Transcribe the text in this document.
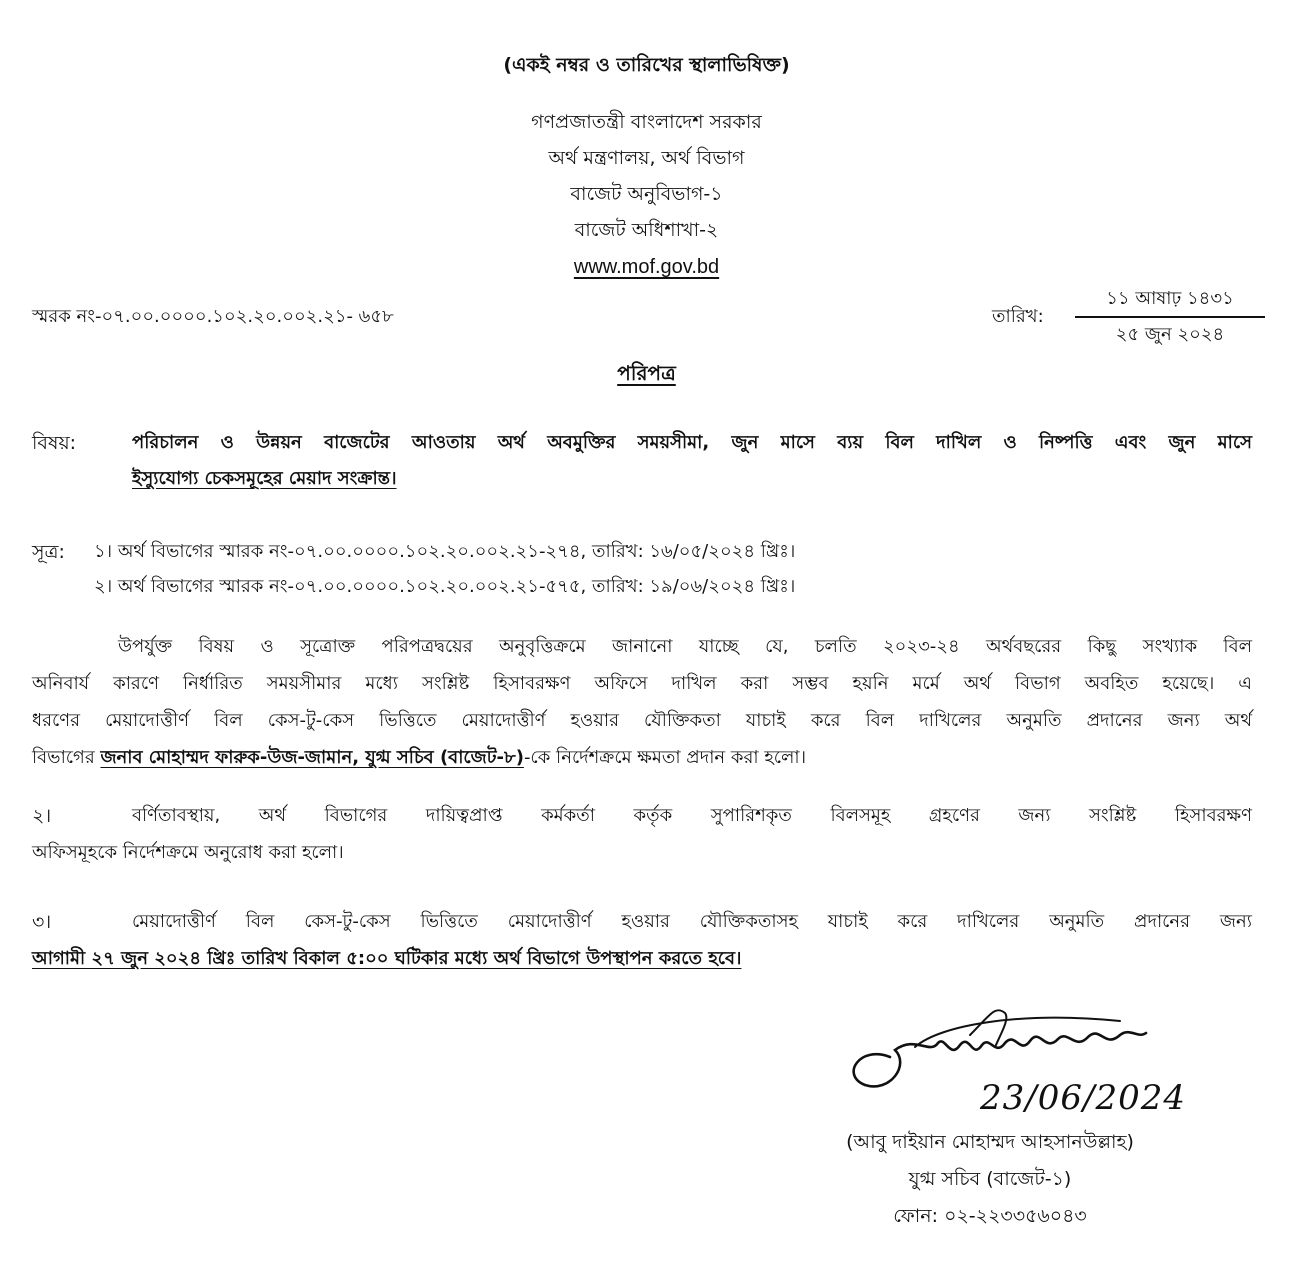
(একই নম্বর ও তারিখের স্থালাভিষিক্ত)
গণপ্রজাতন্ত্রী বাংলাদেশ সরকার
অর্থ মন্ত্রণালয়, অর্থ বিভাগ
বাজেট অনুবিভাগ-১
বাজেট অধিশাখা-২
www.mof.gov.bd
স্মরক নং-০৭.০০.০০০০.১০২.২০.০০২.২১- ৬৫৮	তারিখ:
১১ আষাঢ় ১৪৩১
২৫ জুন ২০২৪
পরিপত্র
বিষয়:	পরিচালন ও উন্নয়ন বাজেটের আওতায় অর্থ অবমুক্তির সময়সীমা, জুন মাসে ব্যয় বিল দাখিল ও নিষ্পত্তি এবং জুন মাসে
ইস্যুযোগ্য চেকসমূহের মেয়াদ সংক্রান্ত।
সূত্র: ১। অর্থ বিভাগের স্মারক নং-০৭.০০.০০০০.১০২.২০.০০২.২১-২৭৪, তারিখ: ১৬/০৫/২০২৪ খ্রিঃ।
২। অর্থ বিভাগের স্মারক নং-০৭.০০.০০০০.১০২.২০.০০২.২১-৫৭৫, তারিখ: ১৯/০৬/২০২৪ খ্রিঃ।
উপর্যুক্ত বিষয় ও সূত্রোক্ত পরিপত্রদ্বয়ের অনুবৃত্তিক্রমে জানানো যাচ্ছে যে, চলতি ২০২৩-২৪ অর্থবছরের কিছু সংখ্যাক বিল
অনিবার্য কারণে নির্ধারিত সময়সীমার মধ্যে সংশ্লিষ্ট হিসাবরক্ষণ অফিসে দাখিল করা সম্ভব হয়নি মর্মে অর্থ বিভাগ অবহিত হয়েছে। এ
ধরণের মেয়াদোত্তীর্ণ বিল কেস-টু-কেস ভিত্তিতে মেয়াদোত্তীর্ণ হওয়ার যৌক্তিকতা যাচাই করে বিল দাখিলের অনুমতি প্রদানের জন্য অর্থ
বিভাগের জনাব মোহাম্মদ ফারুক-উজ-জামান, যুগ্ম সচিব (বাজেট-৮)-কে নির্দেশক্রমে ক্ষমতা প্রদান করা হলো।
২।	বর্ণিতাবস্থায়, অর্থ বিভাগের দায়িত্বপ্রাপ্ত কর্মকর্তা কর্তৃক সুপারিশকৃত বিলসমূহ গ্রহণের জন্য সংশ্লিষ্ট হিসাবরক্ষণ
অফিসমূহকে নির্দেশক্রমে অনুরোধ করা হলো।
৩।	মেয়াদোত্তীর্ণ বিল কেস-টু-কেস ভিত্তিতে মেয়াদোত্তীর্ণ হওয়ার যৌক্তিকতাসহ যাচাই করে দাখিলের অনুমতি প্রদানের জন্য
আগামী ২৭ জুন ২০২৪ খ্রিঃ তারিখ বিকাল ৫:০০ ঘটিকার মধ্যে অর্থ বিভাগে উপস্থাপন করতে হবে।
23/06/2024
(আবু দাইয়ান মোহাম্মদ আহসানউল্লাহ)
যুগ্ম সচিব (বাজেট-১)
ফোন: ০২-২২৩৩৫৬০৪৩
